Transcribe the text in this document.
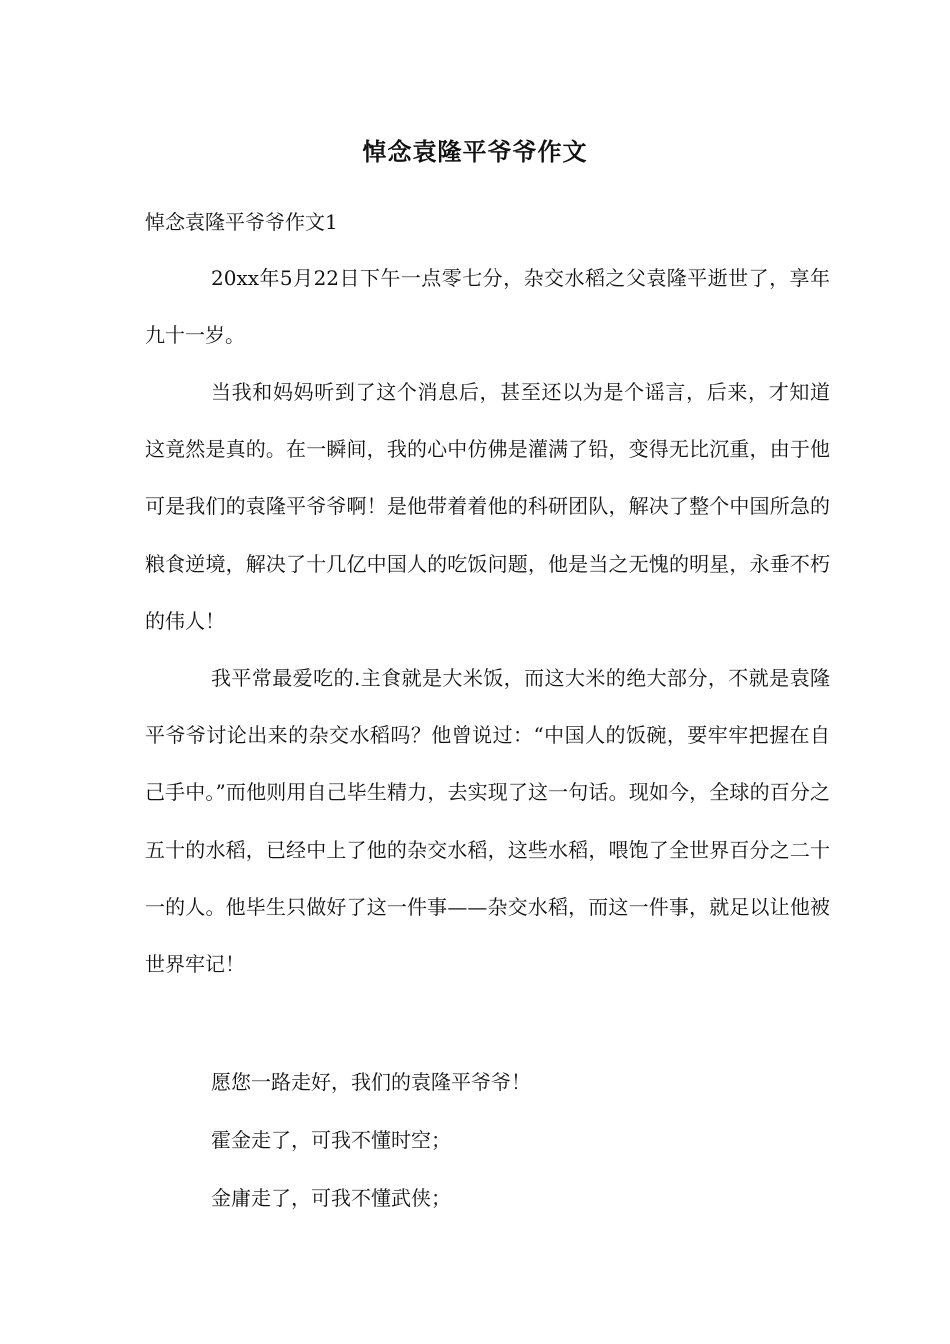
悼念袁隆平爷爷作文
悼念袁隆平爷爷作文1

20xx年5月22日下午一点零七分，杂交水稻之父袁隆平逝世了，享年九十一岁。

当我和妈妈听到了这个消息后，甚至还以为是个谣言，后来，才知道这竟然是真的。在一瞬间，我的心中仿佛是灌满了铅，变得无比沉重，由于他可是我们的袁隆平爷爷啊！是他带着着他的科研团队，解决了整个中国所急的粮食逆境，解决了十几亿中国人的吃饭问题，他是当之无愧的明星，永垂不朽的伟人！

我平常最爱吃的.主食就是大米饭，而这大米的绝大部分，不就是袁隆平爷爷讨论出来的杂交水稻吗？他曾说过：“中国人的饭碗，要牢牢把握在自己手中。”而他则用自己毕生精力，去实现了这一句话。现如今，全球的百分之五十的水稻，已经中上了他的杂交水稻，这些水稻，喂饱了全世界百分之二十一的人。他毕生只做好了这一件事——杂交水稻，而这一件事，就足以让他被世界牢记！

愿您一路走好，我们的袁隆平爷爷！
霍金走了，可我不懂时空；
金庸走了，可我不懂武侠；
